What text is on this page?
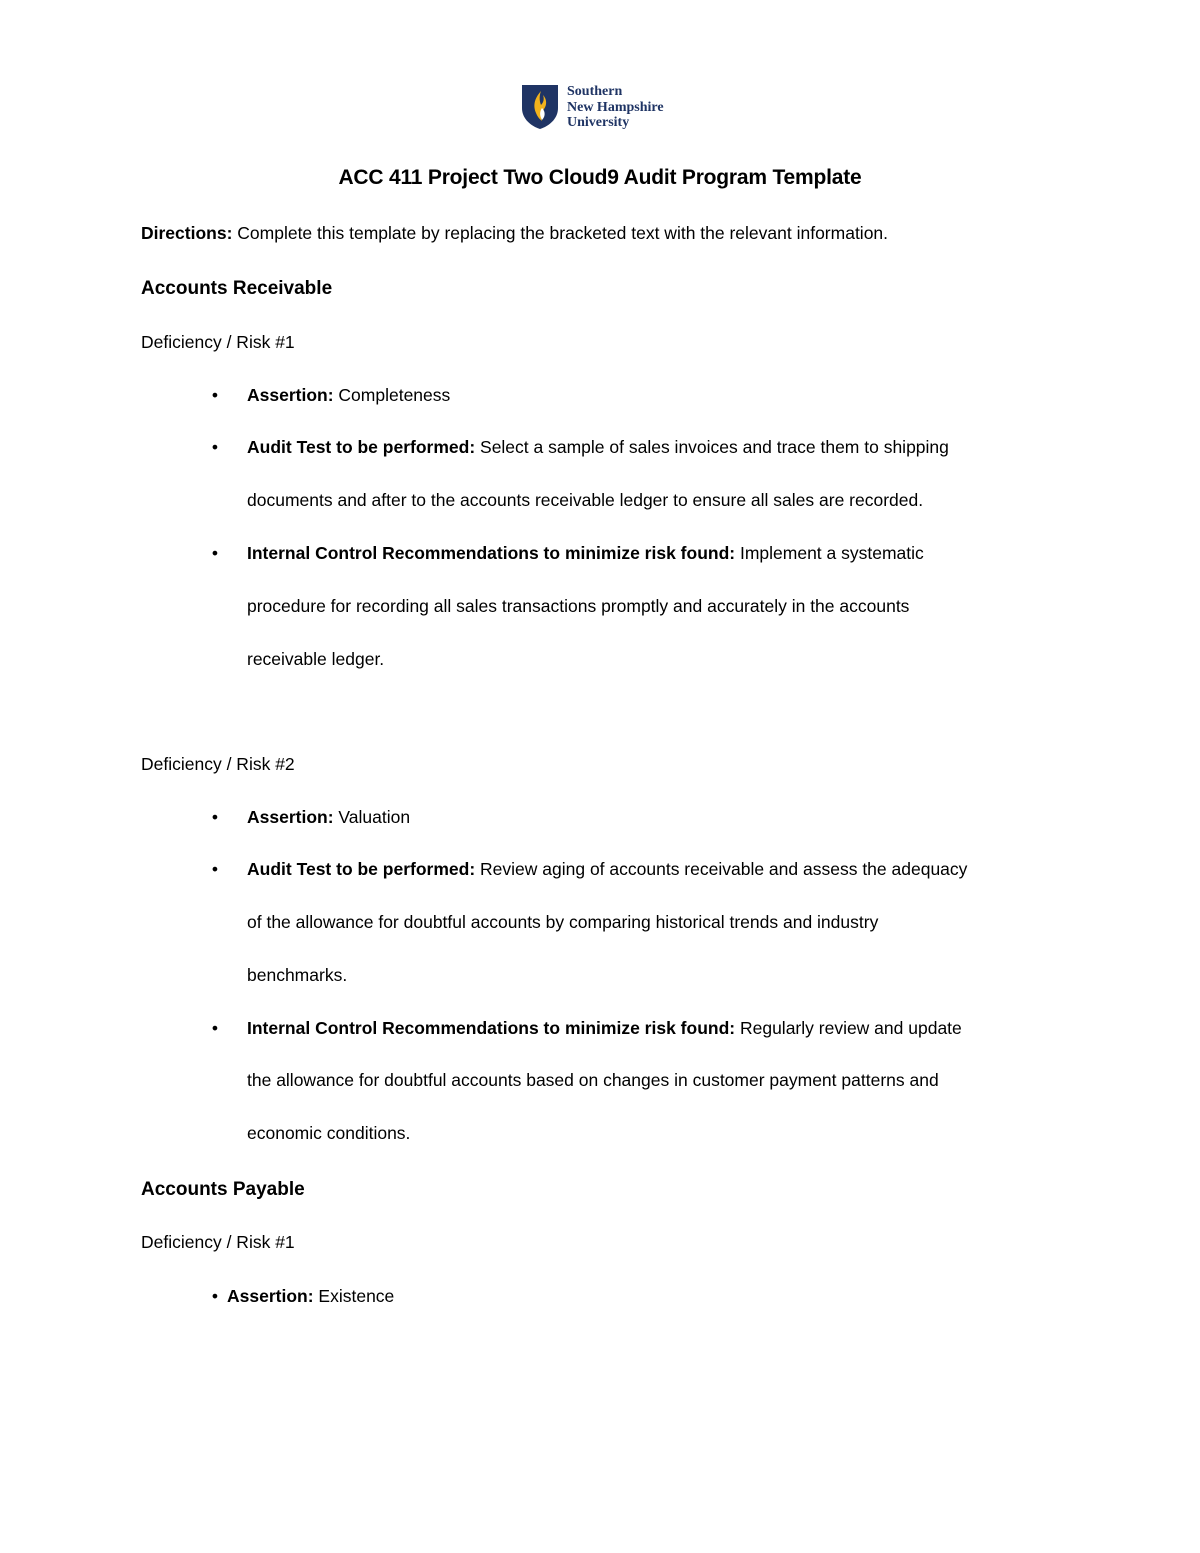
Southern
New Hampshire
University
ACC 411 Project Two Cloud9 Audit Program Template
Directions: Complete this template by replacing the bracketed text with the relevant information.
Accounts Receivable
Deficiency / Risk #1
• Assertion: Completeness
• Audit Test to be performed: Select a sample of sales invoices and trace them to shipping
documents and after to the accounts receivable ledger to ensure all sales are recorded.
• Internal Control Recommendations to minimize risk found: Implement a systematic
procedure for recording all sales transactions promptly and accurately in the accounts
receivable ledger.
Deficiency / Risk #2
• Assertion: Valuation
• Audit Test to be performed: Review aging of accounts receivable and assess the adequacy
of the allowance for doubtful accounts by comparing historical trends and industry
benchmarks.
• Internal Control Recommendations to minimize risk found: Regularly review and update
the allowance for doubtful accounts based on changes in customer payment patterns and
economic conditions.
Accounts Payable
Deficiency / Risk #1
• Assertion: Existence
